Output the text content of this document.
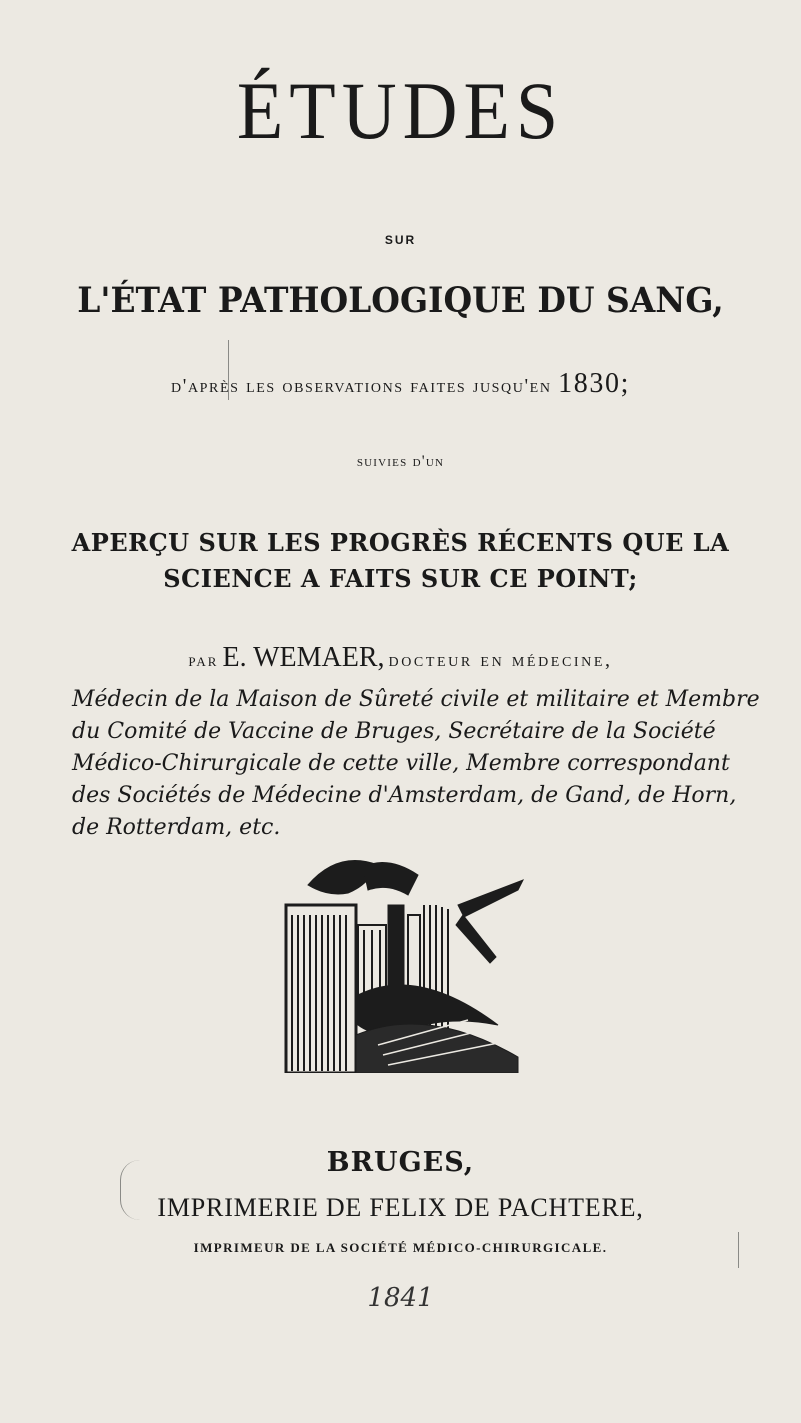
ÉTUDES
SUR
L'ÉTAT PATHOLOGIQUE DU SANG,
d'après les observations faites jusqu'en 1830;
suivies d'un
APERÇU SUR LES PROGRÈS RÉCENTS QUE LA
SCIENCE A FAITS SUR CE POINT;
par E. WEMAER, docteur en médecine,

Médecin de la Maison de Sûreté civile et militaire et Membre

du Comité de Vaccine de Bruges, Secrétaire de la Société

Médico-Chirurgicale de cette ville, Membre correspondant

des Sociétés de Médecine d'Amsterdam, de Gand, de Horn,

de Rotterdam, etc.

BRUGES,
IMPRIMERIE DE FELIX DE PACHTERE,
IMPRIMEUR DE LA SOCIÉTÉ MÉDICO-CHIRURGICALE.
1841
